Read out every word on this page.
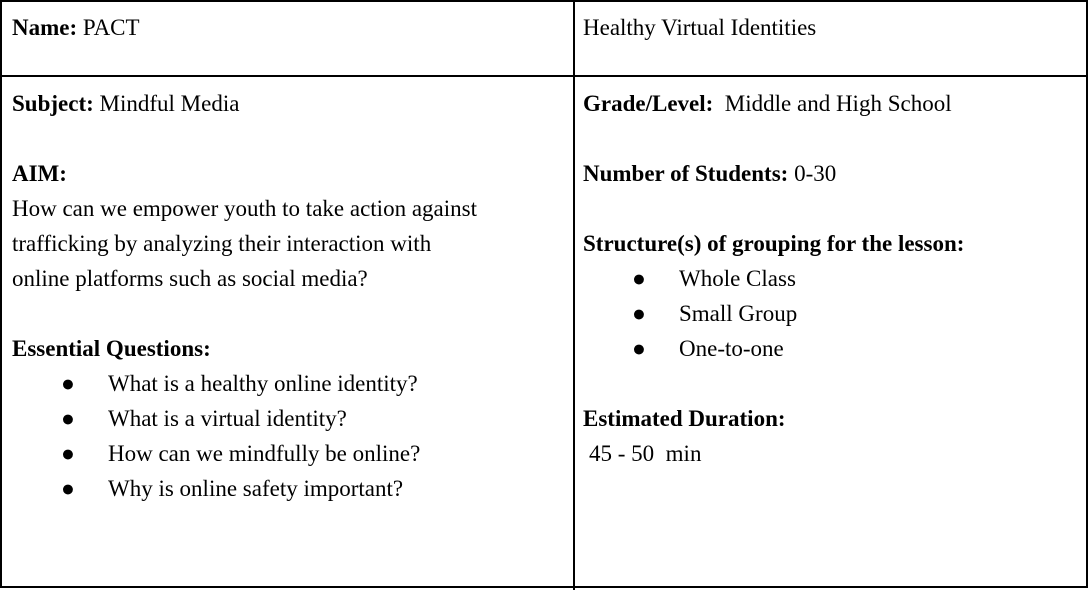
Name: PACT	Healthy Virtual Identities

Subject: Mindful Media

AIM:

How can we empower youth to take action against

trafficking by analyzing their interaction with

online platforms such as social media?

Essential Questions:

● What is a healthy online identity?
● What is a virtual identity?
● How can we mindfully be online?
● Why is online safety important?

Grade/Level:  Middle and High School

Number of Students: 0-30

Structure(s) of grouping for the lesson:

● Whole Class
● Small Group
● One-to-one

Estimated Duration:

45 - 50  min
